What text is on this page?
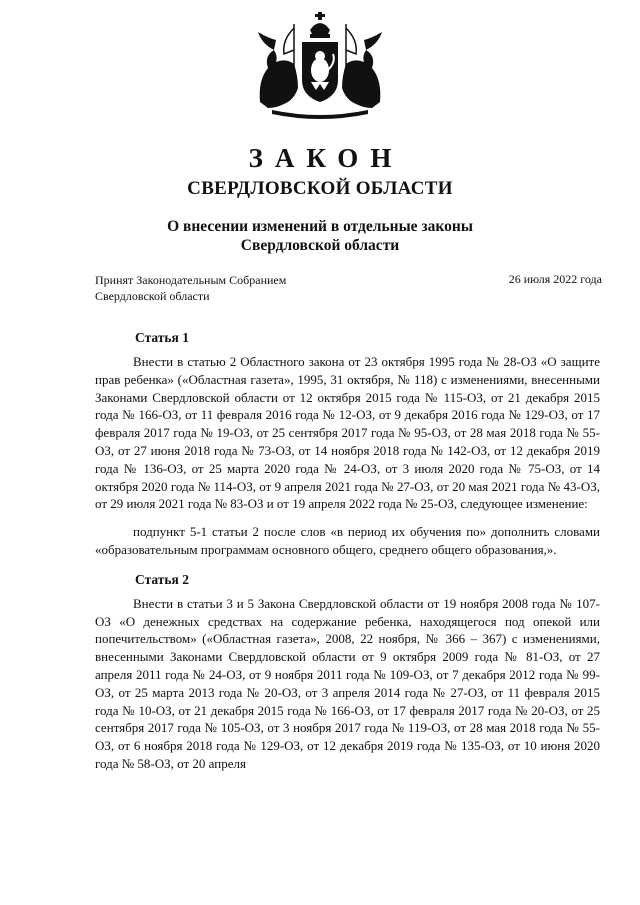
ЗАКОН
СВЕРДЛОВСКОЙ ОБЛАСТИ
О внесении изменений в отдельные законы
Свердловской области
Принят Законодательным Собранием
Свердловской области
26 июля 2022 года
Статья 1

Внести в статью 2 Областного закона от 23 октября 1995 года № 28-ОЗ «О защите прав ребенка» («Областная газета», 1995, 31 октября, № 118) с изменениями, внесенными Законами Свердловской области от 12 октября 2015 года № 115-ОЗ, от 21 декабря 2015 года № 166-ОЗ, от 11 февраля 2016 года № 12-ОЗ, от 9 декабря 2016 года № 129-ОЗ, от 17 февраля 2017 года № 19-ОЗ, от 25 сентября 2017 года № 95-ОЗ, от 28 мая 2018 года № 55-ОЗ, от 27 июня 2018 года № 73-ОЗ, от 14 ноября 2018 года № 142-ОЗ, от 12 декабря 2019 года № 136-ОЗ, от 25 марта 2020 года № 24-ОЗ, от 3 июля 2020 года № 75-ОЗ, от 14 октября 2020 года № 114-ОЗ, от 9 апреля 2021 года № 27-ОЗ, от 20 мая 2021 года № 43-ОЗ, от 29 июля 2021 года № 83-ОЗ и от 19 апреля 2022 года № 25-ОЗ, следующее изменение:

подпункт 5-1 статьи 2 после слов «в период их обучения по» дополнить словами «образовательным программам основного общего, среднего общего образования,».

Статья 2

Внести в статьи 3 и 5 Закона Свердловской области от 19 ноября 2008 года № 107-ОЗ «О денежных средствах на содержание ребенка, находящегося под опекой или попечительством» («Областная газета», 2008, 22 ноября, № 366 – 367) с изменениями, внесенными Законами Свердловской области от 9 октября 2009 года № 81-ОЗ, от 27 апреля 2011 года № 24-ОЗ, от 9 ноября 2011 года № 109-ОЗ, от 7 декабря 2012 года № 99-ОЗ, от 25 марта 2013 года № 20-ОЗ, от 3 апреля 2014 года № 27-ОЗ, от 11 февраля 2015 года № 10-ОЗ, от 21 декабря 2015 года № 166-ОЗ, от 17 февраля 2017 года № 20-ОЗ, от 25 сентября 2017 года № 105-ОЗ, от 3 ноября 2017 года № 119-ОЗ, от 28 мая 2018 года № 55-ОЗ, от 6 ноября 2018 года № 129-ОЗ, от 12 декабря 2019 года № 135-ОЗ, от 10 июня 2020 года № 58-ОЗ, от 20 апреля
